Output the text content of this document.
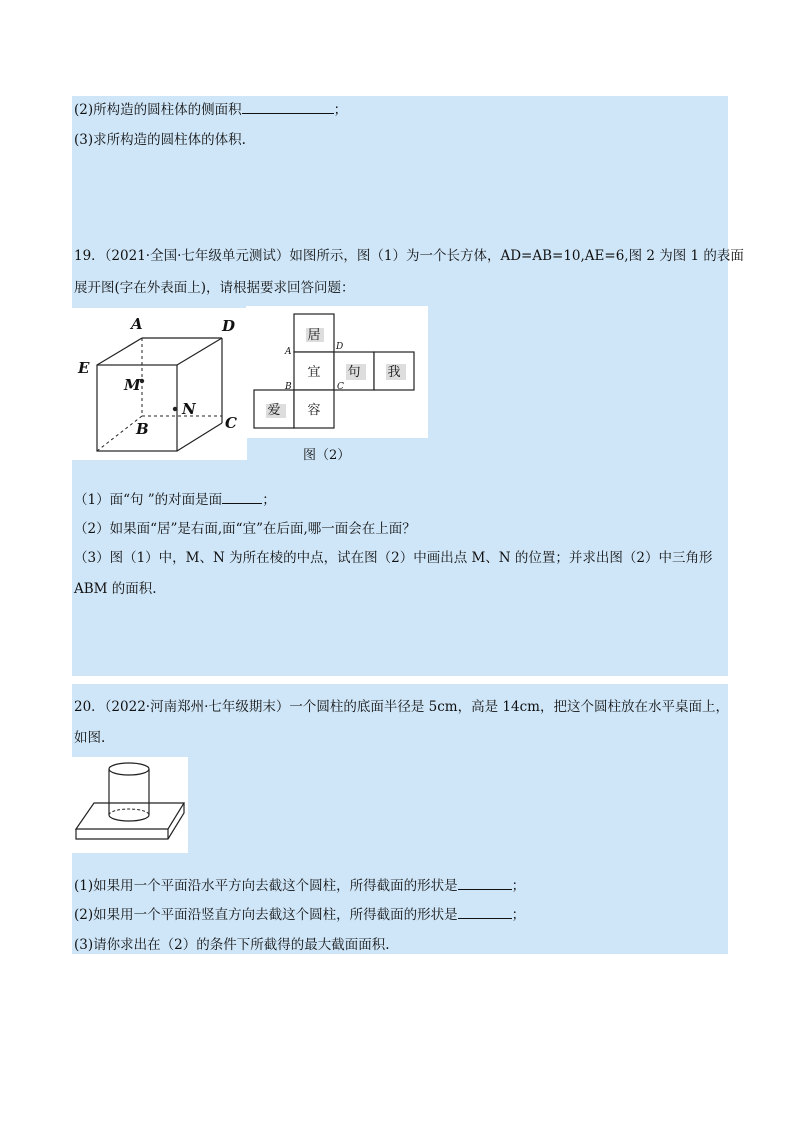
(2)所构造的圆柱体的侧面积	；
(3)求所构造的圆柱体的体积.
19．（2021·全国·七年级单元测试）如图所示，图（1）为一个长方体，AD=AB=10,AE=6,图 2 为图 1 的表面
展开图(字在外表面上)，请根据要求回答问题：
A	D
E
M
N
B	C
居
宜 句 我
爱 容
A	D
B	C
图（2）
（1）面“句 ”的对面是面	；
（2）如果面“居”是右面,面“宜”在后面,哪一面会在上面？
（3）图（1）中，M、N 为所在棱的中点，试在图（2）中画出点 M、N 的位置；并求出图（2）中三角形
ABM 的面积.
20．（2022·河南郑州·七年级期末）一个圆柱的底面半径是 5cm，高是 14cm，把这个圆柱放在水平桌面上，
如图.
(1)如果用一个平面沿水平方向去截这个圆柱，所得截面的形状是	；
(2)如果用一个平面沿竖直方向去截这个圆柱，所得截面的形状是	；
(3)请你求出在（2）的条件下所截得的最大截面面积.
